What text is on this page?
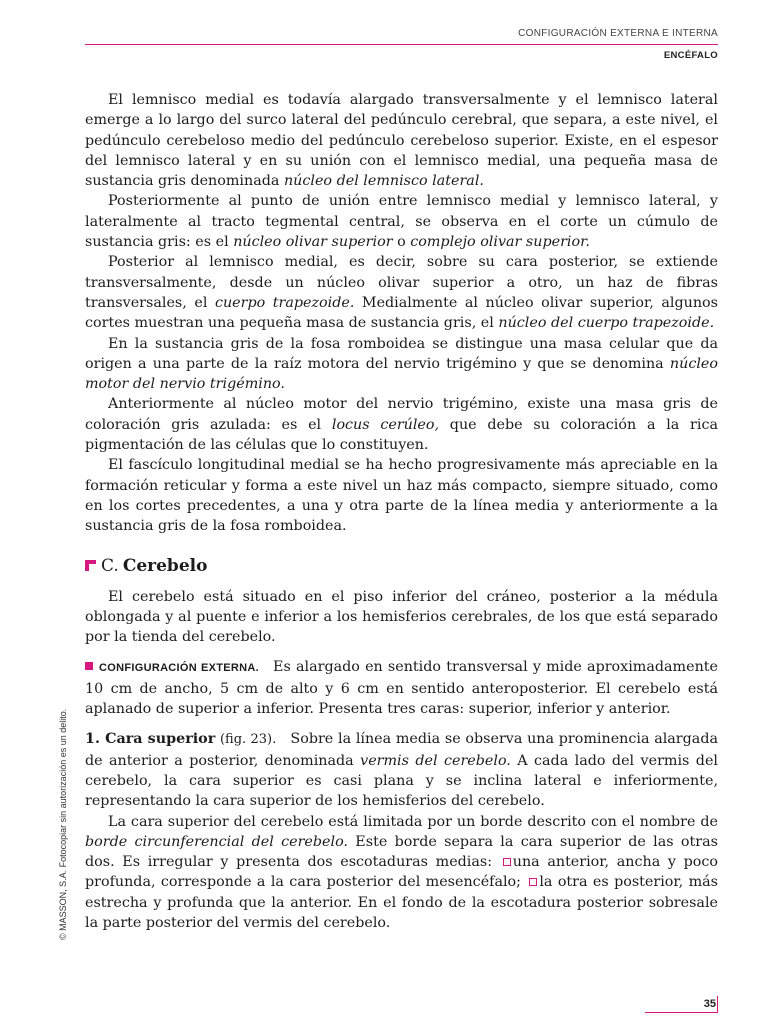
CONFIGURACIÓN EXTERNA E INTERNA
ENCÉFALO

El lemnisco medial es todavía alargado transversalmente y el lemnisco lateral emerge a lo largo del surco lateral del pedúnculo cerebral, que separa, a este nivel, el pedúnculo cerebeloso medio del pedúnculo cerebeloso superior. Existe, en el espesor del lemnisco lateral y en su unión con el lemnisco medial, una pequeña masa de sustancia gris denominada núcleo del lemnisco lateral.

Posteriormente al punto de unión entre lemnisco medial y lemnisco lateral, y lateralmente al tracto tegmental central, se observa en el corte un cúmulo de sustancia gris: es el núcleo olivar superior o complejo olivar superior.

Posterior al lemnisco medial, es decir, sobre su cara posterior, se extiende transversalmente, desde un núcleo olivar superior a otro, un haz de fibras transversales, el cuerpo trapezoide. Medialmente al núcleo olivar superior, algunos cortes muestran una pequeña masa de sustancia gris, el núcleo del cuerpo trapezoide.

En la sustancia gris de la fosa romboidea se distingue una masa celular que da origen a una parte de la raíz motora del nervio trigémino y que se denomina núcleo motor del nervio trigémino.

Anteriormente al núcleo motor del nervio trigémino, existe una masa gris de coloración gris azulada: es el locus cerúleo, que debe su coloración a la rica pigmentación de las células que lo constituyen.

El fascículo longitudinal medial se ha hecho progresivamente más apreciable en la formación reticular y forma a este nivel un haz más compacto, siempre situado, como en los cortes precedentes, a una y otra parte de la línea media y anteriormente a la sustancia gris de la fosa romboidea.

C. Cerebelo

El cerebelo está situado en el piso inferior del cráneo, posterior a la médula oblongada y al puente e inferior a los hemisferios cerebrales, de los que está separado por la tienda del cerebelo.

CONFIGURACIÓN EXTERNA. Es alargado en sentido transversal y mide aproximadamente 10 cm de ancho, 5 cm de alto y 6 cm en sentido anteroposterior. El cerebelo está aplanado de superior a inferior. Presenta tres caras: superior, inferior y anterior.

1. Cara superior (fig. 23). Sobre la línea media se observa una prominencia alargada de anterior a posterior, denominada vermis del cerebelo. A cada lado del vermis del cerebelo, la cara superior es casi plana y se inclina lateral e inferiormente, representando la cara superior de los hemisferios del cerebelo.

La cara superior del cerebelo está limitada por un borde descrito con el nombre de borde circunferencial del cerebelo. Este borde separa la cara superior de las otras dos. Es irregular y presenta dos escotaduras medias: una anterior, ancha y poco profunda, corresponde a la cara posterior del mesencéfalo; la otra es posterior, más estrecha y profunda que la anterior. En el fondo de la escotadura posterior sobresale la parte posterior del vermis del cerebelo.

© MASSON, S.A. Fotocopiar sin autorización es un delito.
35
